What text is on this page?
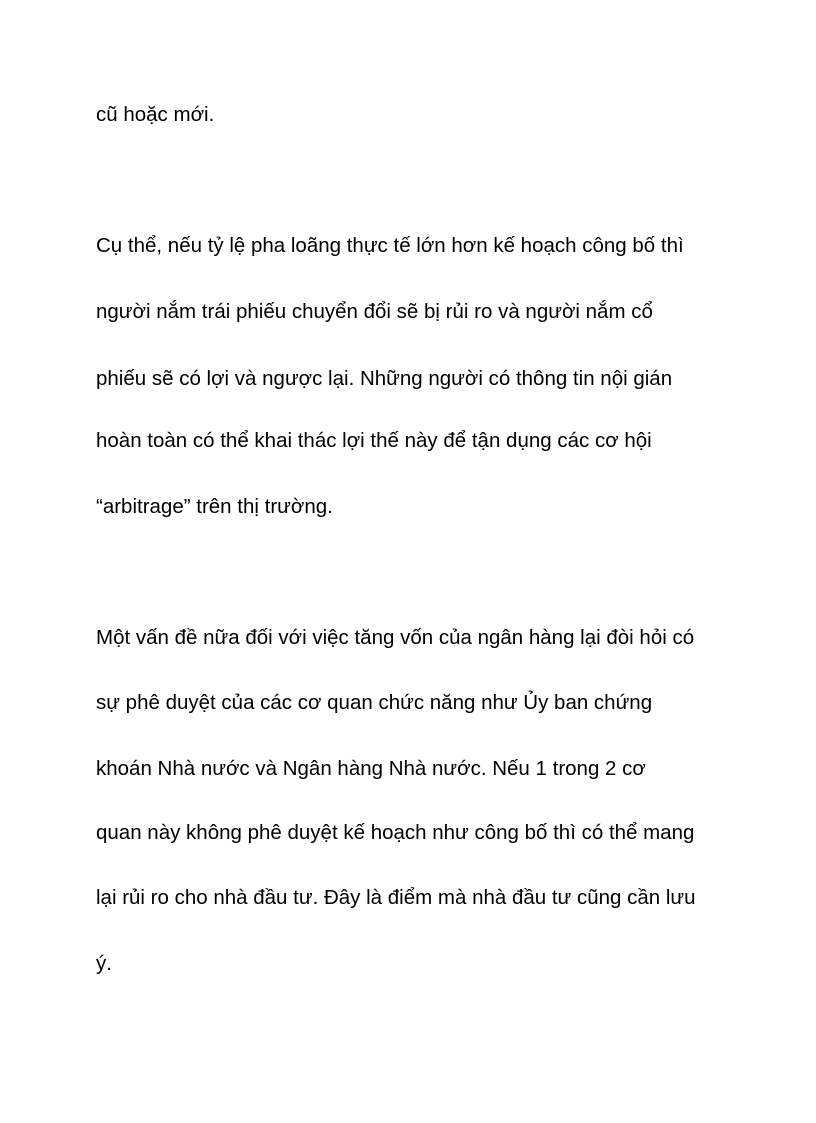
cũ hoặc mới.

Cụ thể, nếu tỷ lệ pha loãng thực tế lớn hơn kế hoạch công bố thì

người nắm trái phiếu chuyển đổi sẽ bị rủi ro và người nắm cổ

phiếu sẽ có lợi và ngược lại. Những người có thông tin nội gián

hoàn toàn có thể khai thác lợi thế này để tận dụng các cơ hội

“arbitrage” trên thị trường.

Một vấn đề nữa đối với việc tăng vốn của ngân hàng lại đòi hỏi có

sự phê duyệt của các cơ quan chức năng như Ủy ban chứng

khoán Nhà nước và Ngân hàng Nhà nước. Nếu 1 trong 2 cơ

quan này không phê duyệt kế hoạch như công bố thì có thể mang

lại rủi ro cho nhà đầu tư. Đây là điểm mà nhà đầu tư cũng cần lưu

ý.
